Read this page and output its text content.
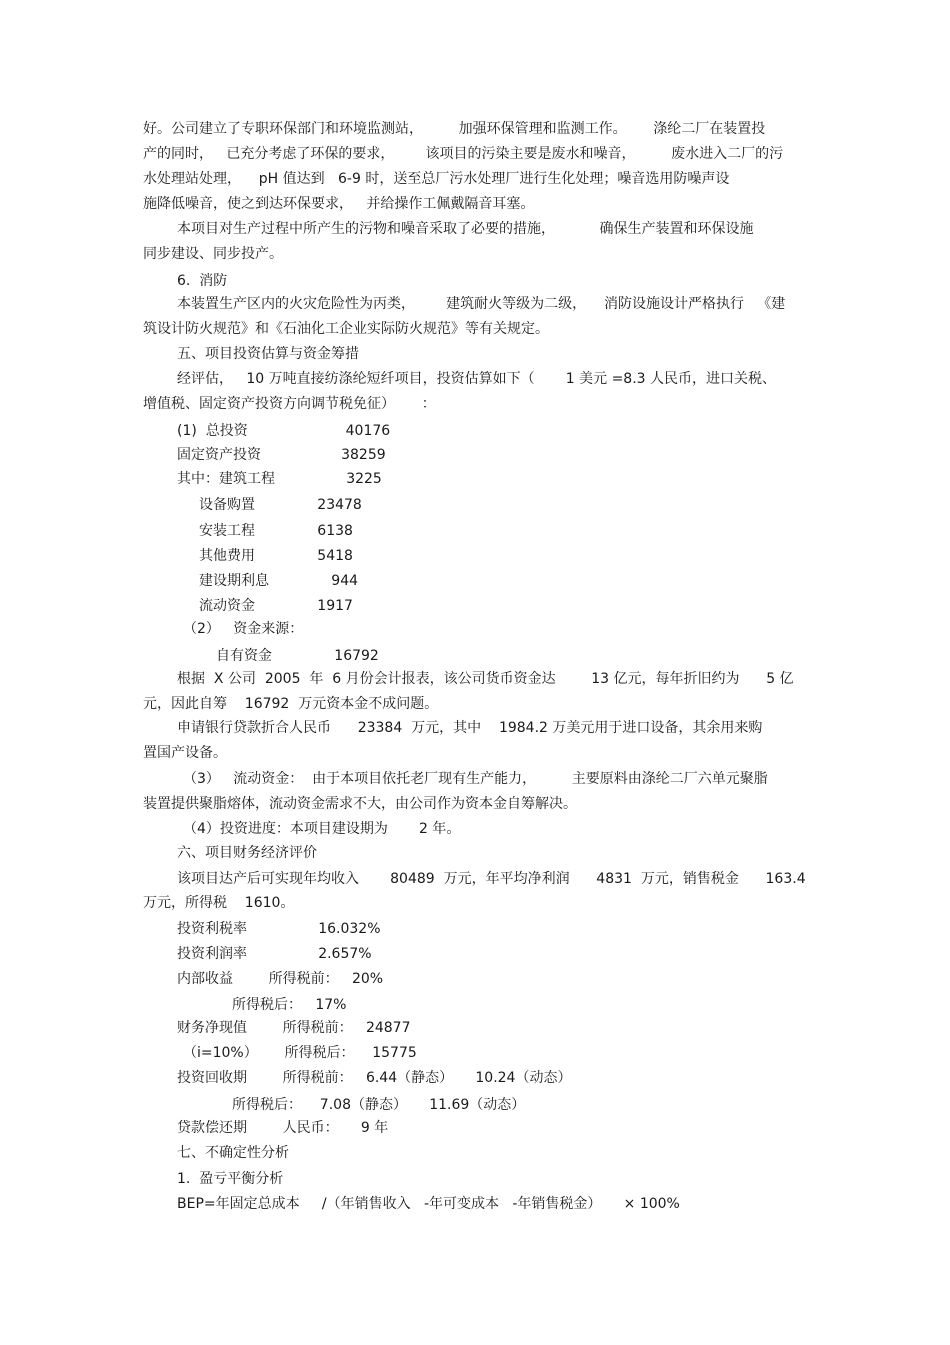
好。公司建立了专职环保部门和环境监测站，        加强环保管理和监测工作。      涤纶二厂在装置投
产的同时，   已充分考虑了环保的要求，       该项目的污染主要是废水和噪音，        废水进入二厂的污
水处理站处理，    pH 值达到   6-9 时，送至总厂污水处理厂进行生化处理；噪音选用防噪声设
施降低噪音，使之到达环保要求，   并给操作工佩戴隔音耳塞。
本项目对生产过程中所产生的污物和噪音采取了必要的措施，          确保生产装置和环保设施
同步建设、同步投产。
6.  消防
本装置生产区内的火灾危险性为丙类，       建筑耐火等级为二级，    消防设施设计严格执行   《建
筑设计防火规范》和《石油化工企业实际防火规范》等有关规定。
五、项目投资估算与资金筹措
经评估，   10 万吨直接纺涤纶短纤项目，投资估算如下（       1 美元 =8.3 人民币，进口关税、
增值税、固定资产投资方向调节税免征）      ：
(1)  总投资                      40176
固定资产投资                  38259
其中：建筑工程                3225
设备购置              23478
安装工程              6138
其他费用              5418
建设期利息              944
流动资金              1917
（2）   资金来源：
自有资金              16792
根据  X 公司  2005  年  6 月份会计报表，该公司货币资金达        13 亿元，每年折旧约为      5 亿
元，因此自筹    16792  万元资本金不成问题。
申请银行贷款折合人民币      23384  万元，其中    1984.2 万美元用于进口设备，其余用来购
置国产设备。
（3）   流动资金：  由于本项目依托老厂现有生产能力，        主要原料由涤纶二厂六单元聚脂
装置提供聚脂熔体，流动资金需求不大，由公司作为资本金自筹解决。
（4）投资进度：本项目建设期为       2 年。
六、项目财务经济评价
该项目达产后可实现年均收入       80489  万元，年平均净利润      4831  万元，销售税金      163.4
万元，所得税    1610。
投资利税率                16.032%
投资利润率                2.657%
内部收益        所得税前：   20%
所得税后：   17%
财务净现值        所得税前：   24877
（i=10%）      所得税后：    15775
投资回收期        所得税前：   6.44（静态）     10.24（动态）
所得税后：    7.08（静态）     11.69（动态）
贷款偿还期        人民币：     9 年
七、不确定性分析
1.  盈亏平衡分析
BEP=年固定总成本     /（年销售收入   -年可变成本   -年销售税金）     × 100%
